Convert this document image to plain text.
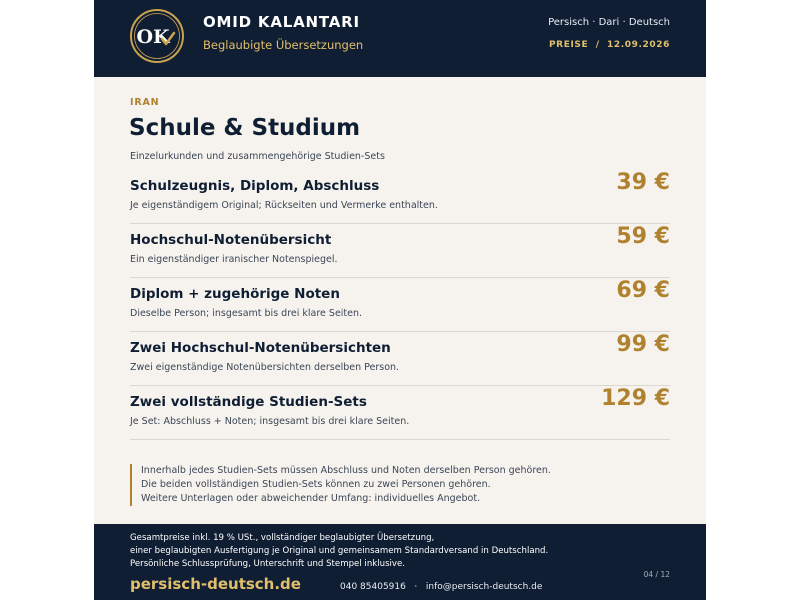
OK
OMID KALANTARI
Beglaubigte Übersetzungen
Persisch · Dari · Deutsch
PREISE  /  12.09.2026
IRAN
Schule & Studium
Einzelurkunden und zusammengehörige Studien-Sets
Schulzeugnis, Diplom, Abschluss
Je eigenständigem Original; Rückseiten und Vermerke enthalten.
39 €
Hochschul-Notenübersicht
Ein eigenständiger iranischer Notenspiegel.
59 €
Diplom + zugehörige Noten
Dieselbe Person; insgesamt bis drei klare Seiten.
69 €
Zwei Hochschul-Notenübersichten
Zwei eigenständige Notenübersichten derselben Person.
99 €
Zwei vollständige Studien-Sets
Je Set: Abschluss + Noten; insgesamt bis drei klare Seiten.
129 €
Innerhalb jedes Studien-Sets müssen Abschluss und Noten derselben Person gehören.
Die beiden vollständigen Studien-Sets können zu zwei Personen gehören.
Weitere Unterlagen oder abweichender Umfang: individuelles Angebot.
Gesamtpreise inkl. 19 % USt., vollständiger beglaubigter Übersetzung,
einer beglaubigten Ausfertigung je Original und gemeinsamem Standardversand in Deutschland.
Persönliche Schlussprüfung, Unterschrift und Stempel inklusive.
persisch-deutsch.de	040 85405916   ·   info@persisch-deutsch.de
04 / 12
